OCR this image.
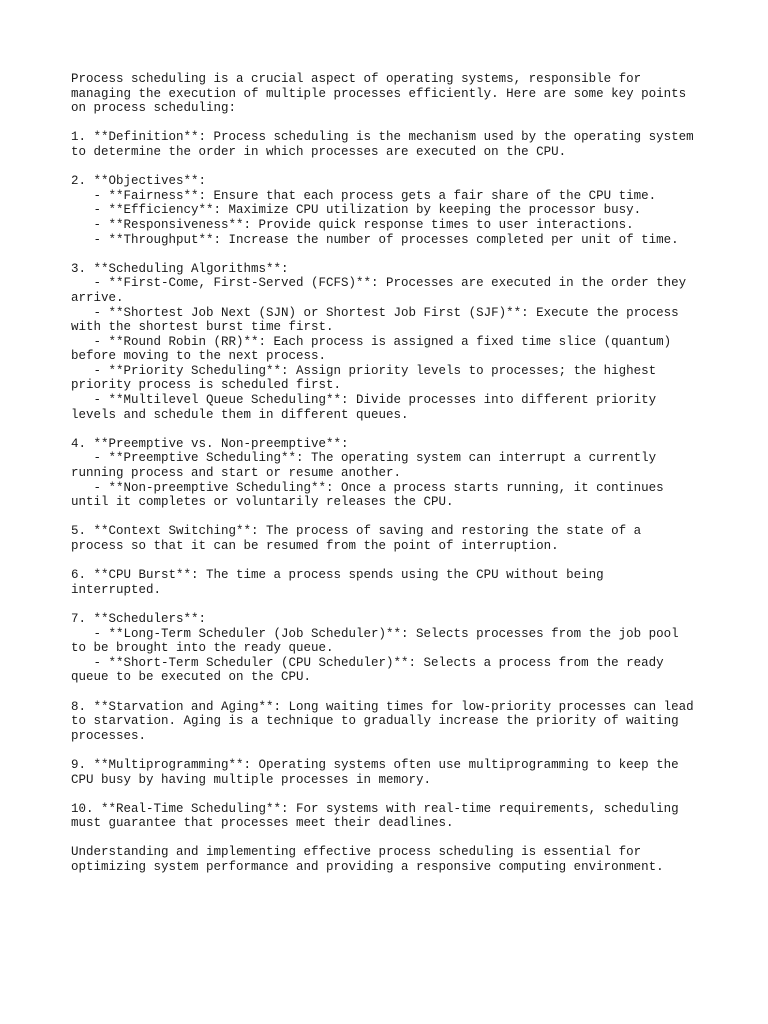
Process scheduling is a crucial aspect of operating systems, responsible for
managing the execution of multiple processes efficiently. Here are some key points
on process scheduling:
1. **Definition**: Process scheduling is the mechanism used by the operating system
to determine the order in which processes are executed on the CPU.
2. **Objectives**:
- **Fairness**: Ensure that each process gets a fair share of the CPU time.
- **Efficiency**: Maximize CPU utilization by keeping the processor busy.
- **Responsiveness**: Provide quick response times to user interactions.
- **Throughput**: Increase the number of processes completed per unit of time.
3. **Scheduling Algorithms**:
- **First-Come, First-Served (FCFS)**: Processes are executed in the order they
arrive.
- **Shortest Job Next (SJN) or Shortest Job First (SJF)**: Execute the process
with the shortest burst time first.
- **Round Robin (RR)**: Each process is assigned a fixed time slice (quantum)
before moving to the next process.
- **Priority Scheduling**: Assign priority levels to processes; the highest
priority process is scheduled first.
- **Multilevel Queue Scheduling**: Divide processes into different priority
levels and schedule them in different queues.
4. **Preemptive vs. Non-preemptive**:
- **Preemptive Scheduling**: The operating system can interrupt a currently
running process and start or resume another.
- **Non-preemptive Scheduling**: Once a process starts running, it continues
until it completes or voluntarily releases the CPU.
5. **Context Switching**: The process of saving and restoring the state of a
process so that it can be resumed from the point of interruption.
6. **CPU Burst**: The time a process spends using the CPU without being
interrupted.
7. **Schedulers**:
- **Long-Term Scheduler (Job Scheduler)**: Selects processes from the job pool
to be brought into the ready queue.
- **Short-Term Scheduler (CPU Scheduler)**: Selects a process from the ready
queue to be executed on the CPU.
8. **Starvation and Aging**: Long waiting times for low-priority processes can lead
to starvation. Aging is a technique to gradually increase the priority of waiting
processes.
9. **Multiprogramming**: Operating systems often use multiprogramming to keep the
CPU busy by having multiple processes in memory.
10. **Real-Time Scheduling**: For systems with real-time requirements, scheduling
must guarantee that processes meet their deadlines.
Understanding and implementing effective process scheduling is essential for
optimizing system performance and providing a responsive computing environment.
